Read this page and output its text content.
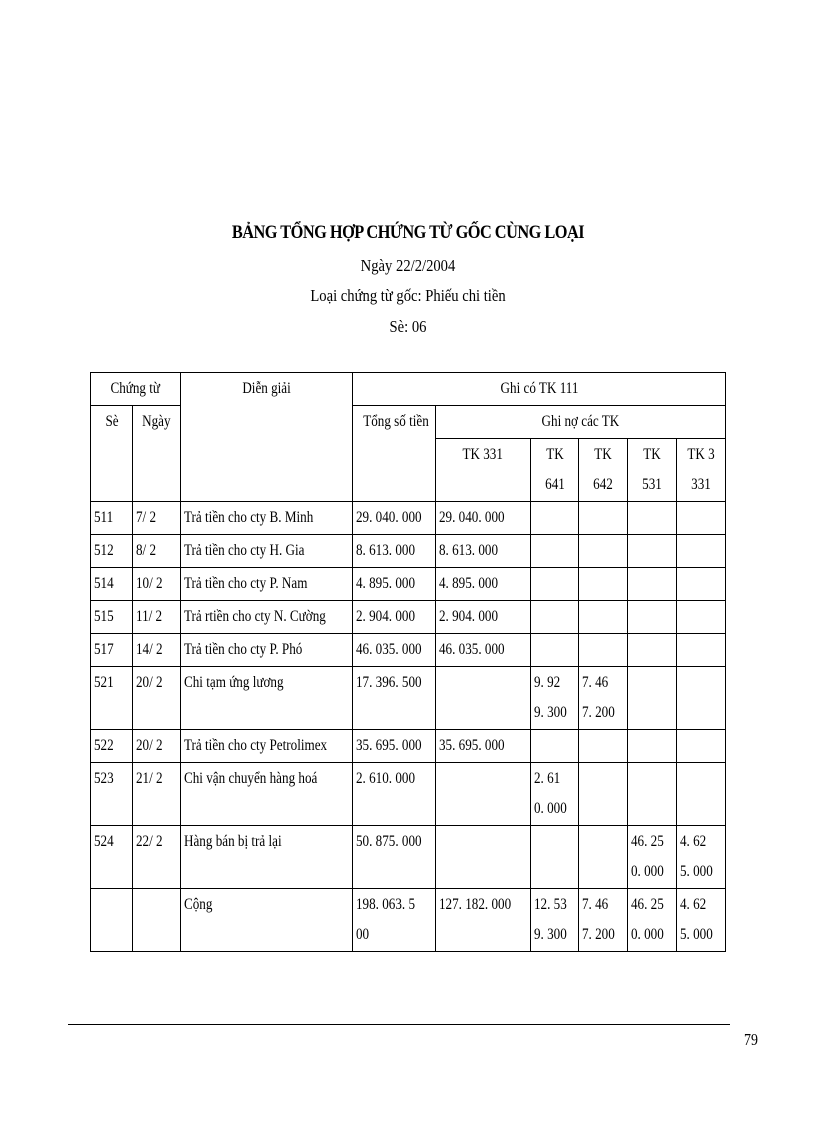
BẢNG TỔNG HỢP CHỨNG TỪ GỐC CÙNG LOẠI
Ngày 22/2/2004
Loại chứng từ gốc: Phiếu chi tiền
Sè: 06
Chứng từ		Diễn giải	Ghi có TK 111					
Sè	Ngày		Tổng số tiền	Ghi nợ các TK				
				TK 331	TK 641	TK 642	TK 531	TK 3331
511	7/ 2	Trả tiền cho cty B. Minh	29. 040. 000	29. 040. 000				
512	8/ 2	Trả tiền cho cty H. Gia	8. 613. 000	8. 613. 000				
514	10/ 2	Trả tiền cho cty P. Nam	4. 895. 000	4. 895. 000				
515	11/ 2	Trả rtiền cho cty N. Cường	2. 904. 000	2. 904. 000				
517	14/ 2	Trả tiền cho cty P. Phó	46. 035. 000	46. 035. 000				
521	20/ 2	Chi tạm ứng lương	17. 396. 500		9. 929. 300	7. 467. 200		

522	20/ 2	Trả tiền cho cty Petrolimex	35. 695. 000	35. 695. 000				
523	21/ 2	Chi vận chuyển hàng hoá	2. 610. 000		2. 610. 000			

524	22/ 2	Hàng bán bị trả lại	50. 875. 000				46. 250. 000	4. 625. 000

		Cộng	198. 063. 500	127. 182. 000	12. 539. 300	7. 467. 200	46. 250. 000	4. 625. 000
79
